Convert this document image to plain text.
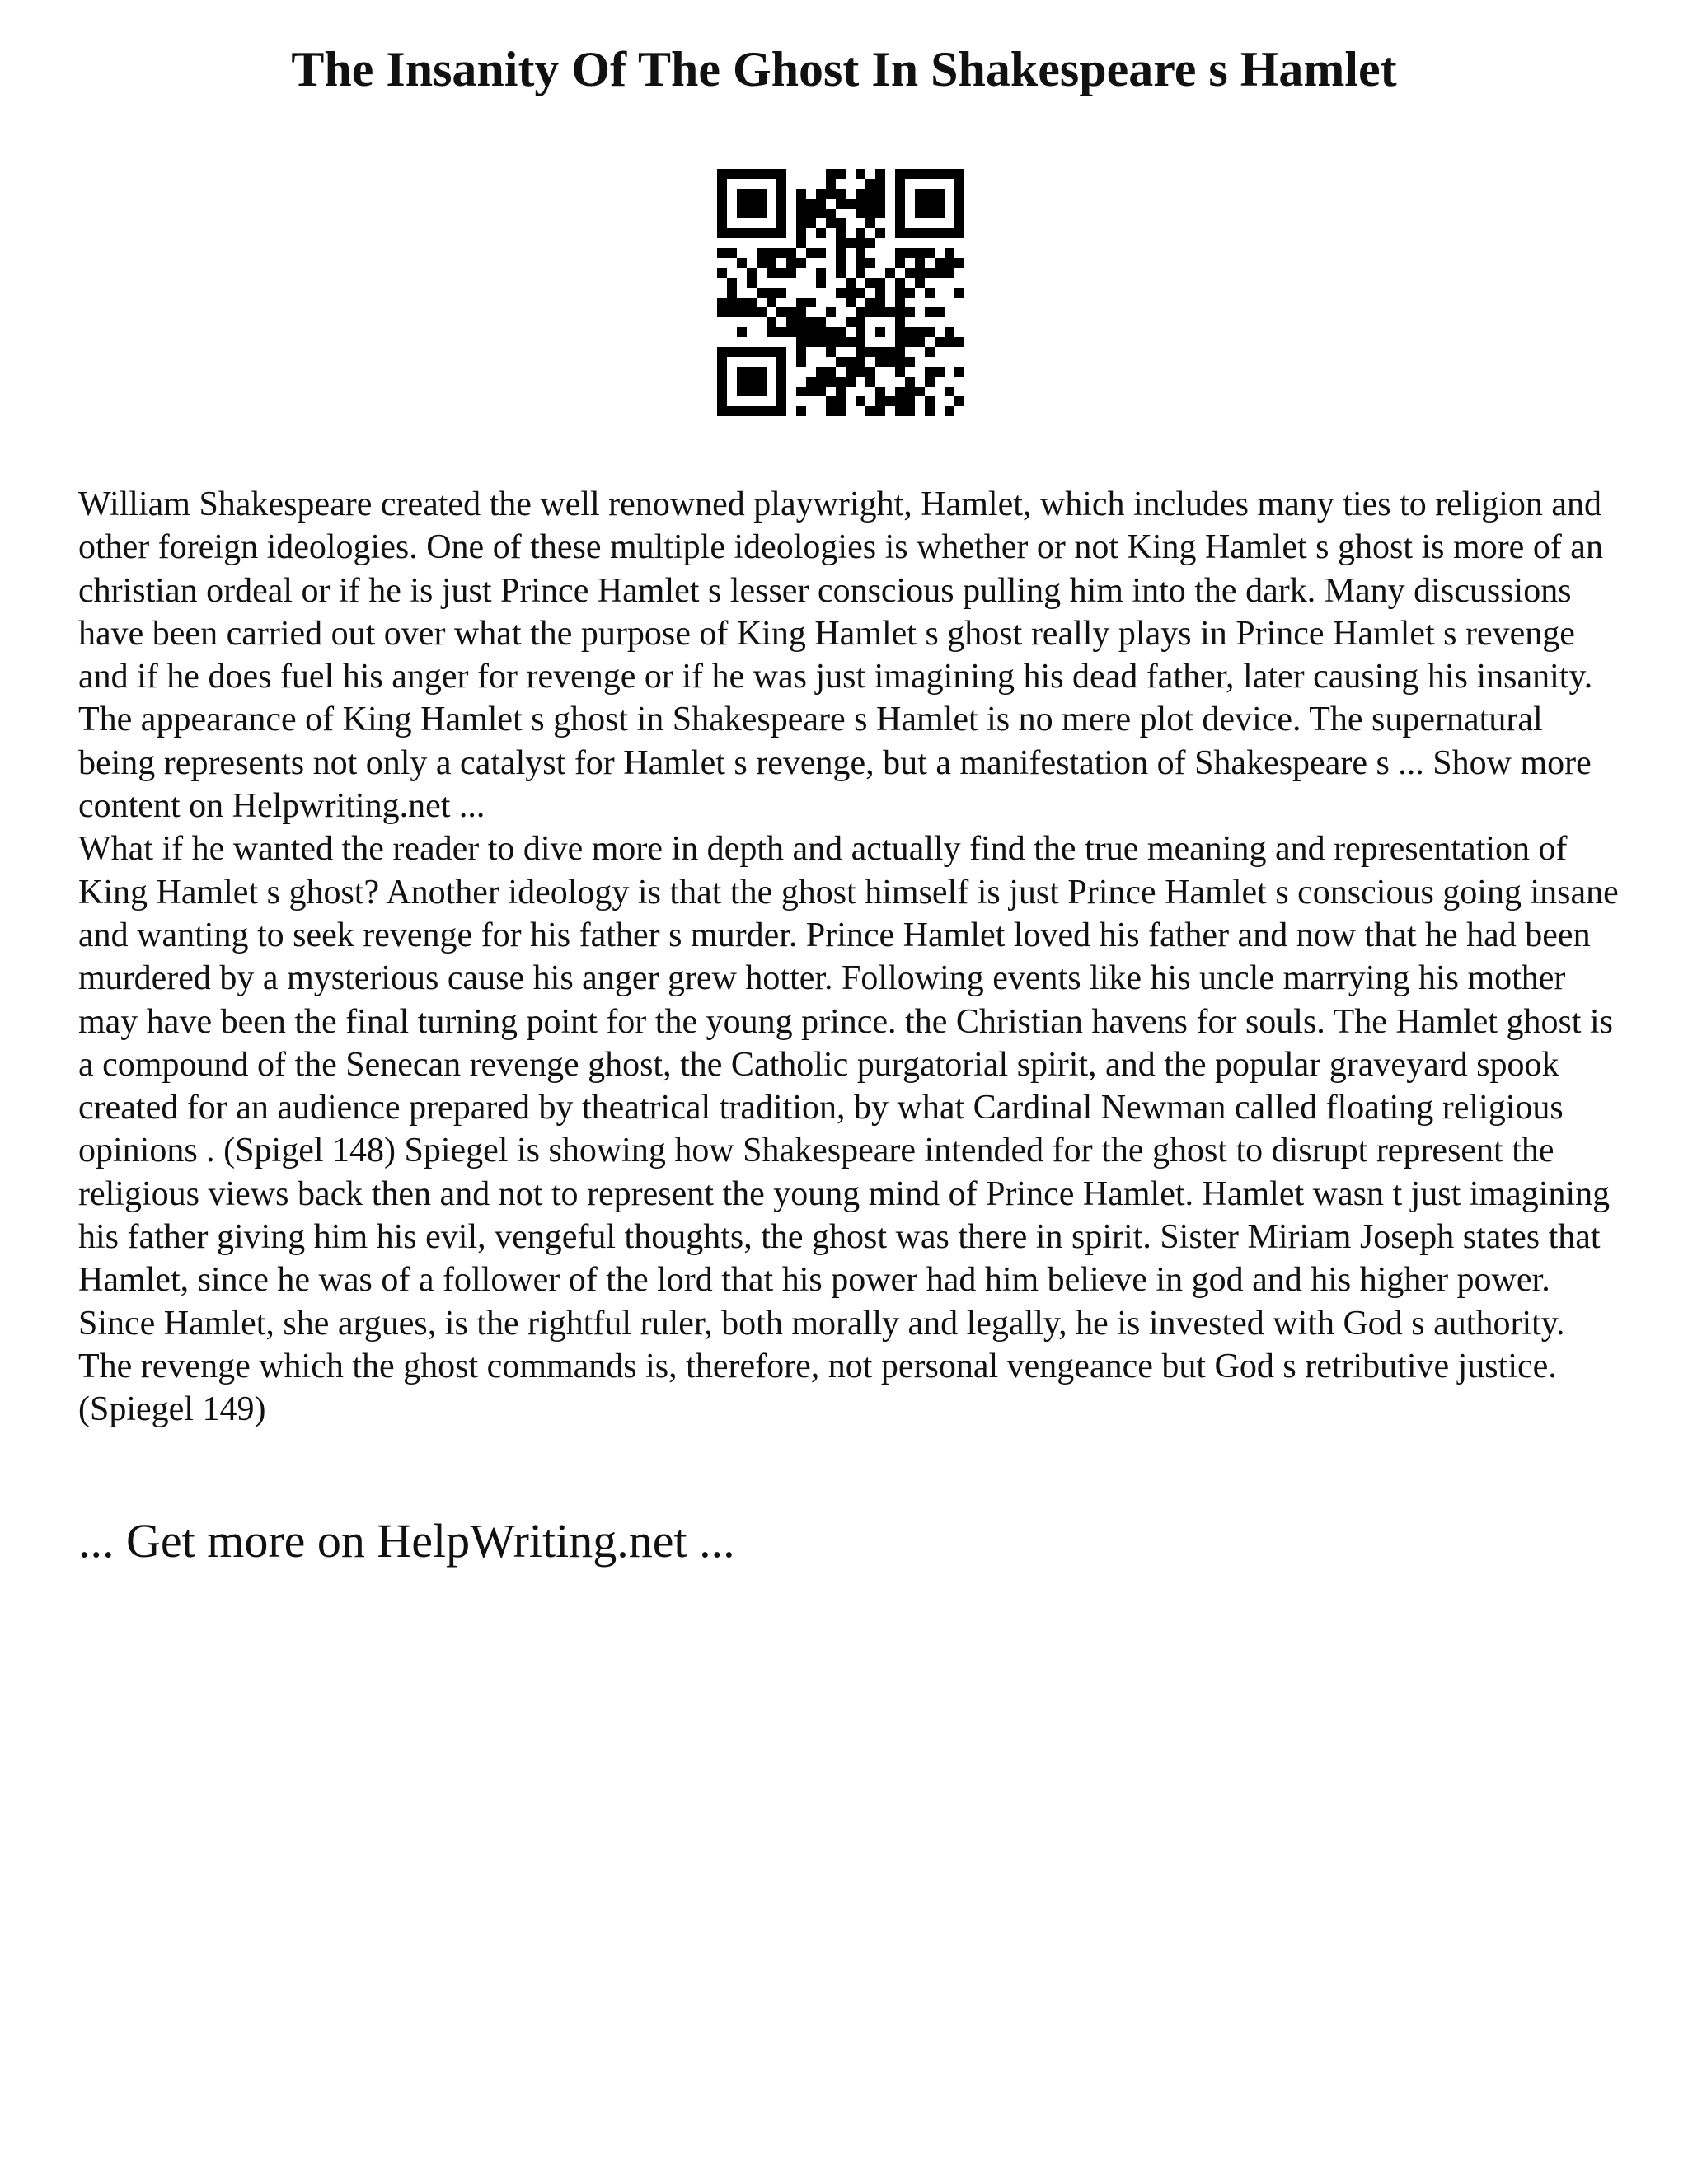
The Insanity Of The Ghost In Shakespeare s Hamlet

William Shakespeare created the well renowned playwright, Hamlet, which includes many ties to religion and other foreign ideologies. One of these multiple ideologies is whether or not King Hamlet s ghost is more of an christian ordeal or if he is just Prince Hamlet s lesser conscious pulling him into the dark. Many discussions have been carried out over what the purpose of King Hamlet s ghost really plays in Prince Hamlet s revenge and if he does fuel his anger for revenge or if he was just imagining his dead father, later causing his insanity. The appearance of King Hamlet s ghost in Shakespeare s Hamlet is no mere plot device. The supernatural being represents not only a catalyst for Hamlet s revenge, but a manifestation of Shakespeare s ... Show more content on Helpwriting.net ...

What if he wanted the reader to dive more in depth and actually find the true meaning and representation of King Hamlet s ghost? Another ideology is that the ghost himself is just Prince Hamlet s conscious going insane and wanting to seek revenge for his father s murder. Prince Hamlet loved his father and now that he had been murdered by a mysterious cause his anger grew hotter. Following events like his uncle marrying his mother may have been the final turning point for the young prince. the Christian havens for souls. The Hamlet ghost is a compound of the Senecan revenge ghost, the Catholic purgatorial spirit, and the popular graveyard spook created for an audience prepared by theatrical tradition, by what Cardinal Newman called floating religious opinions . (Spigel 148) Spiegel is showing how Shakespeare intended for the ghost to disrupt represent the religious views back then and not to represent the young mind of Prince Hamlet. Hamlet wasn t just imagining his father giving him his evil, vengeful thoughts, the ghost was there in spirit. Sister Miriam Joseph states that Hamlet, since he was of a follower of the lord that his power had him believe in god and his higher power. Since Hamlet, she argues, is the rightful ruler, both morally and legally, he is invested with God s authority. The revenge which the ghost commands is, therefore, not personal vengeance but God s retributive justice. (Spiegel 149)

... Get more on HelpWriting.net ...
